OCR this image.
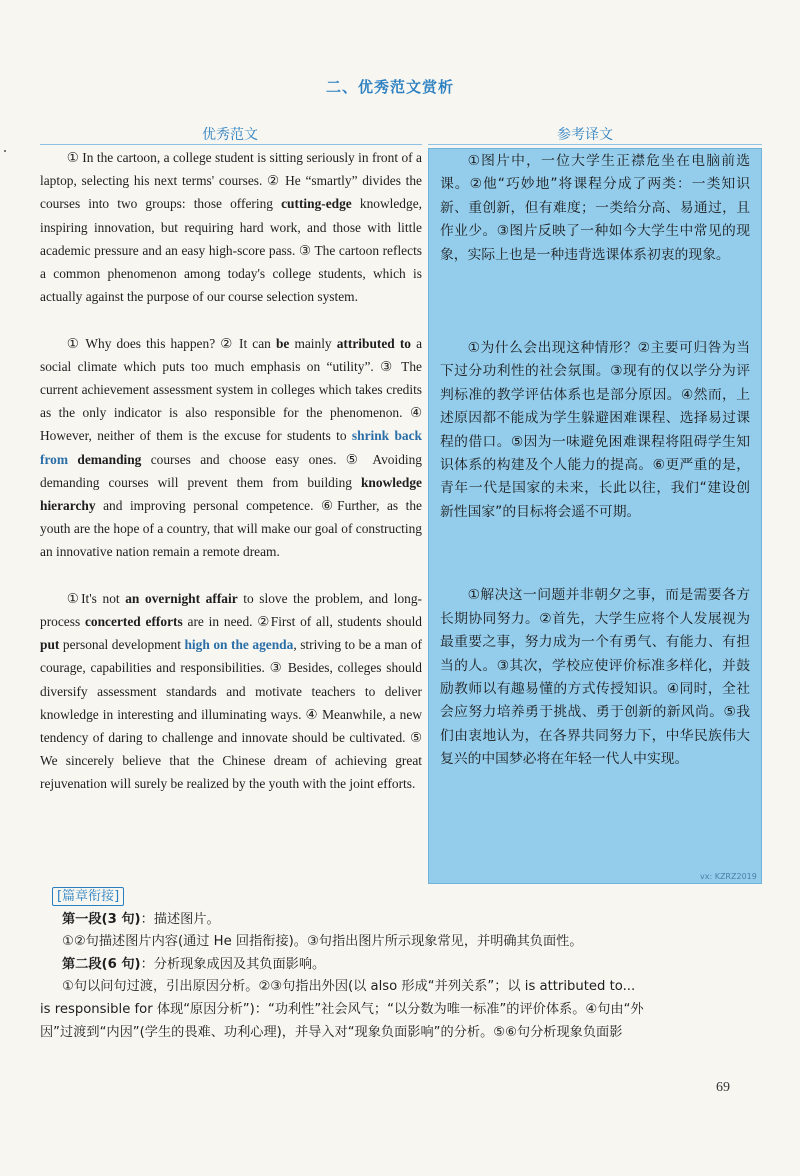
二、优秀范文赏析
优秀范文	参考译文

① In the cartoon, a college student is sitting seriously in front of a laptop, selecting his next terms' courses. ② He “smartly” divides the courses into two groups: those offering cutting-edge knowledge, inspiring innovation, but requiring hard work, and those with little academic pressure and an easy high-score pass. ③ The cartoon reflects a common phenomenon among today's college students, which is actually against the purpose of our course selection system.

① Why does this happen? ② It can be mainly attributed to a social climate which puts too much emphasis on “utility”. ③ The current achievement assessment system in colleges which takes credits as the only indicator is also responsible for the phenomenon. ④ However, neither of them is the excuse for students to shrink back from demanding courses and choose easy ones. ⑤ Avoiding demanding courses will prevent them from building knowledge hierarchy and improving personal competence. ⑥Further, as the youth are the hope of a country, that will make our goal of constructing an innovative nation remain a remote dream.

①It's not an overnight affair to slove the problem, and long-process concerted efforts are in need. ②First of all, students should put personal development high on the agenda, striving to be a man of courage, capabilities and responsibilities. ③ Besides, colleges should diversify assessment standards and motivate teachers to deliver knowledge in interesting and illuminating ways. ④ Meanwhile, a new tendency of daring to challenge and innovate should be cultivated. ⑤ We sincerely believe that the Chinese dream of achieving great rejuvenation will surely be realized by the youth with the joint efforts.

①图片中，一位大学生正襟危坐在电脑前选课。②他“巧妙地”将课程分成了两类：一类知识新、重创新，但有难度；一类给分高、易通过，且作业少。③图片反映了一种如今大学生中常见的现象，实际上也是一种违背选课体系初衷的现象。

①为什么会出现这种情形？②主要可归咎为当下过分功利性的社会氛围。③现有的仅以学分为评判标准的教学评估体系也是部分原因。④然而，上述原因都不能成为学生躲避困难课程、选择易过课程的借口。⑤因为一味避免困难课程将阻碍学生知识体系的构建及个人能力的提高。⑥更严重的是，青年一代是国家的未来，长此以往，我们“建设创新性国家”的目标将会遥不可期。

①解决这一问题并非朝夕之事，而是需要各方长期协同努力。②首先，大学生应将个人发展视为最重要之事，努力成为一个有勇气、有能力、有担当的人。③其次，学校应使评价标准多样化，并鼓励教师以有趣易懂的方式传授知识。④同时，全社会应努力培养勇于挑战、勇于创新的新风尚。⑤我们由衷地认为，在各界共同努力下，中华民族伟大复兴的中国梦必将在年轻一代人中实现。

vx: KZRZ2019

[篇章衔接]

第一段(3 句)：描述图片。

①②句描述图片内容(通过 He 回指衔接)。③句指出图片所示现象常见，并明确其负面性。

第二段(6 句)：分析现象成因及其负面影响。

①句以问句过渡，引出原因分析。②③句指出外因(以 also 形成“并列关系”；以 is attributed to...

is responsible for 体现“原因分析”)：“功利性”社会风气；“以分数为唯一标准”的评价体系。④句由“外

因”过渡到“内因”(学生的畏难、功利心理)，并导入对“现象负面影响”的分析。⑤⑥句分析现象负面影

69
